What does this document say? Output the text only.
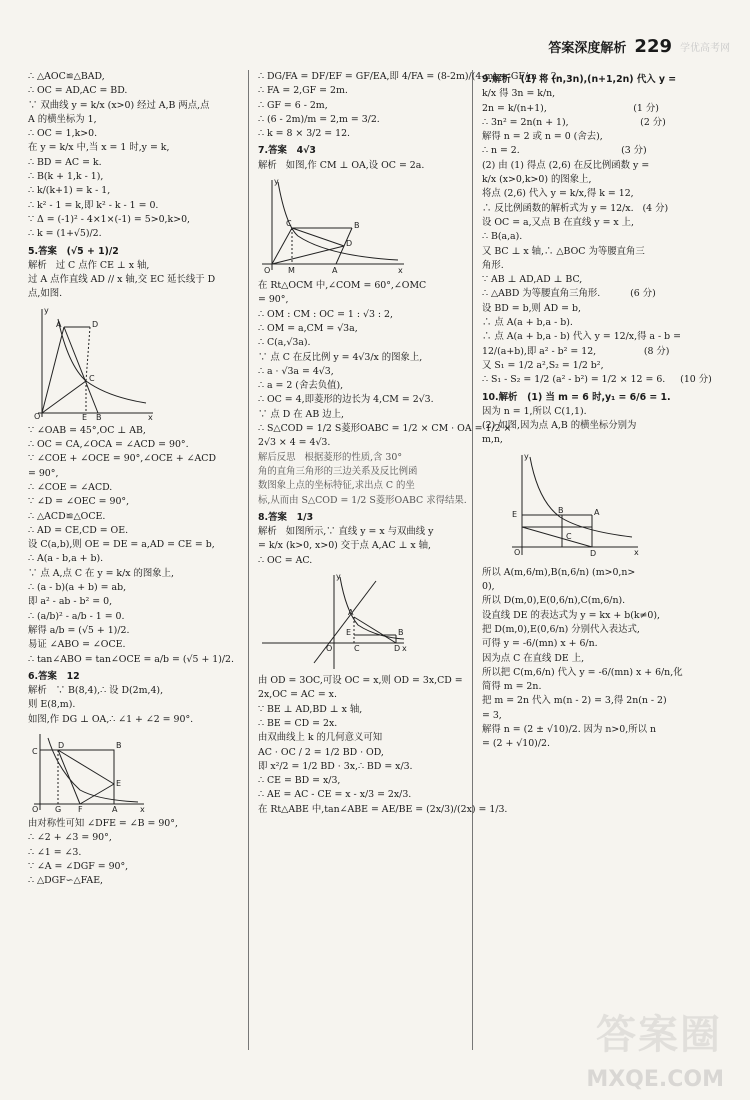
答案深度解析 229 学优高考网
∴ △AOC≌△BAD,
∴ OC = AD,AC = BD.
∵ 双曲线 y = k/x (x>0) 经过 A,B 两点,点
A 的横坐标为 1,
∴ OC = 1,k>0.
在 y = k/x 中,当 x = 1 时,y = k,
∴ BD = AC = k.
∴ B(k + 1,k - 1),
∴ k/(k+1) = k - 1,
∴ k² - 1 = k,即 k² - k - 1 = 0.
∵ Δ = (-1)² - 4×1×(-1) = 5>0,k>0,
∴ k = (1+√5)/2.
5.答案   (√5 + 1)/2
解析   过 C 点作 CE ⊥ x 轴,
过 A 点作直线 AD // x 轴,交 EC 延长线于 D
点,如图.
O
A	D
C
E B	x
y
∵ ∠OAB = 45°,OC ⊥ AB,
∴ OC = CA,∠OCA = ∠ACD = 90°.
∵ ∠COE + ∠OCE = 90°,∠OCE + ∠ACD
= 90°,
∴ ∠COE = ∠ACD.
∵ ∠D = ∠OEC = 90°,
∴ △ACD≌△OCE.
∴ AD = CE,CD = OE.
设 C(a,b),则 OE = DE = a,AD = CE = b,
∴ A(a - b,a + b).
∵ 点 A,点 C 在 y = k/x 的图象上,
∴ (a - b)(a + b) = ab,
即 a² - ab - b² = 0,
∴ (a/b)² - a/b - 1 = 0.
解得 a/b = (√5 + 1)/2.
易证 ∠ABO = ∠OCE.
∴ tan∠ABO = tan∠OCE = a/b = (√5 + 1)/2.
6.答案   12
解析   ∵ B(8,4),∴ 设 D(2m,4),
则 E(8,m).
如图,作 DG ⊥ OA,∴ ∠1 + ∠2 = 90°.
C
D	B
E
O G F	A	x
由对称性可知 ∠DFE = ∠B = 90°,
∴ ∠2 + ∠3 = 90°,
∴ ∠1 = ∠3.
∵ ∠A = ∠DGF = 90°,
∴ △DGF∽△FAE,
∴ DG/FA = DF/EF = GF/EA,即 4/FA = (8-2m)/(4-m) = GF/m = 2.
∴ FA = 2,GF = 2m.
∴ GF = 6 - 2m,
∴ (6 - 2m)/m = 2,m = 3/2.
∴ k = 8 × 3/2 = 12.
7.答案   4√3
解析   如图,作 CM ⊥ OA,设 OC = 2a.
O M	A
C	B
D
x
y
在 Rt△OCM 中,∠COM = 60°,∠OMC
= 90°,
∴ OM : CM : OC = 1 : √3 : 2,
∴ OM = a,CM = √3a,
∴ C(a,√3a).
∵ 点 C 在反比例 y = 4√3/x 的图象上,
∴ a · √3a = 4√3,
∴ a = 2 (舍去负值),
∴ OC = 4,即菱形的边长为 4,CM = 2√3.
∵ 点 D 在 AB 边上,
∴ S△COD = 1/2 S菱形OABC = 1/2 × CM · OA = 1/2 ×
2√3 × 4 = 4√3.
解后反思   根据菱形的性质,含 30°
角的直角三角形的三边关系及反比例函
数图象上点的坐标特征,求出点 C 的坐
标,从而由 S△COD = 1/2 S菱形OABC 求得结果.
8.答案   1/3
解析   如图所示,∵ 直线 y = x 与双曲线 y
= k/x (k>0, x>0) 交于点 A,AC ⊥ x 轴,
∴ OC = AC.
A
E	B
O	C	D x
y
由 OD = 3OC,可设 OC = x,则 OD = 3x,CD =
2x,OC = AC = x.
∵ BE ⊥ AD,BD ⊥ x 轴,
∴ BE = CD = 2x.
由双曲线上 k 的几何意义可知
AC · OC / 2 = 1/2 BD · OD,
即 x²/2 = 1/2 BD · 3x,∴ BD = x/3.
∴ CE = BD = x/3,
∴ AE = AC - CE = x - x/3 = 2x/3.
在 Rt△ABE 中,tan∠ABE = AE/BE = (2x/3)/(2x) = 1/3.
9.解析   (1) 将 (n,3n),(n+1,2n) 代入 y =
k/x 得 3n = k/n,
2n = k/(n+1),                             (1 分)
∴ 3n² = 2n(n + 1),                        (2 分)
解得 n = 2 或 n = 0 (舍去),
∴ n = 2.                                  (3 分)
(2) 由 (1) 得点 (2,6) 在反比例函数 y =
k/x (x>0,k>0) 的图象上,
将点 (2,6) 代入 y = k/x,得 k = 12,
∴ 反比例函数的解析式为 y = 12/x.   (4 分)
设 OC = a,又点 B 在直线 y = x 上,
∴ B(a,a).
又 BC ⊥ x 轴,∴ △BOC 为等腰直角三
角形.
∵ AB ⊥ AD,AD ⊥ BC,
∴ △ABD 为等腰直角三角形.          (6 分)
设 BD = b,则 AD = b,
∴ 点 A(a + b,a - b).
∴ 点 A(a + b,a - b) 代入 y = 12/x,得 a - b =
12/(a+b),即 a² - b² = 12,                (8 分)
又 S₁ = 1/2 a²,S₂ = 1/2 b²,
∴ S₁ - S₂ = 1/2 (a² - b²) = 1/2 × 12 = 6.     (10 分)
10.解析   (1) 当 m = 6 时,y₁ = 6/6 = 1.
因为 n = 1,所以 C(1,1).
(2) 如图,因为点 A,B 的横坐标分别为
m,n,
E	A
B
C
O	D	x
y
所以 A(m,6/m),B(n,6/n) (m>0,n>
0),
所以 D(m,0),E(0,6/n),C(m,6/n).
设直线 DE 的表达式为 y = kx + b(k≠0),
把 D(m,0),E(0,6/n) 分别代入表达式,
可得 y = -6/(mn) x + 6/n.
因为点 C 在直线 DE 上,
所以把 C(m,6/n) 代入 y = -6/(mn) x + 6/n,化
简得 m = 2n.
把 m = 2n 代入 m(n - 2) = 3,得 2n(n - 2)
= 3,
解得 n = (2 ± √10)/2. 因为 n>0,所以 n
= (2 + √10)/2.
答案圈
MXQE.COM
